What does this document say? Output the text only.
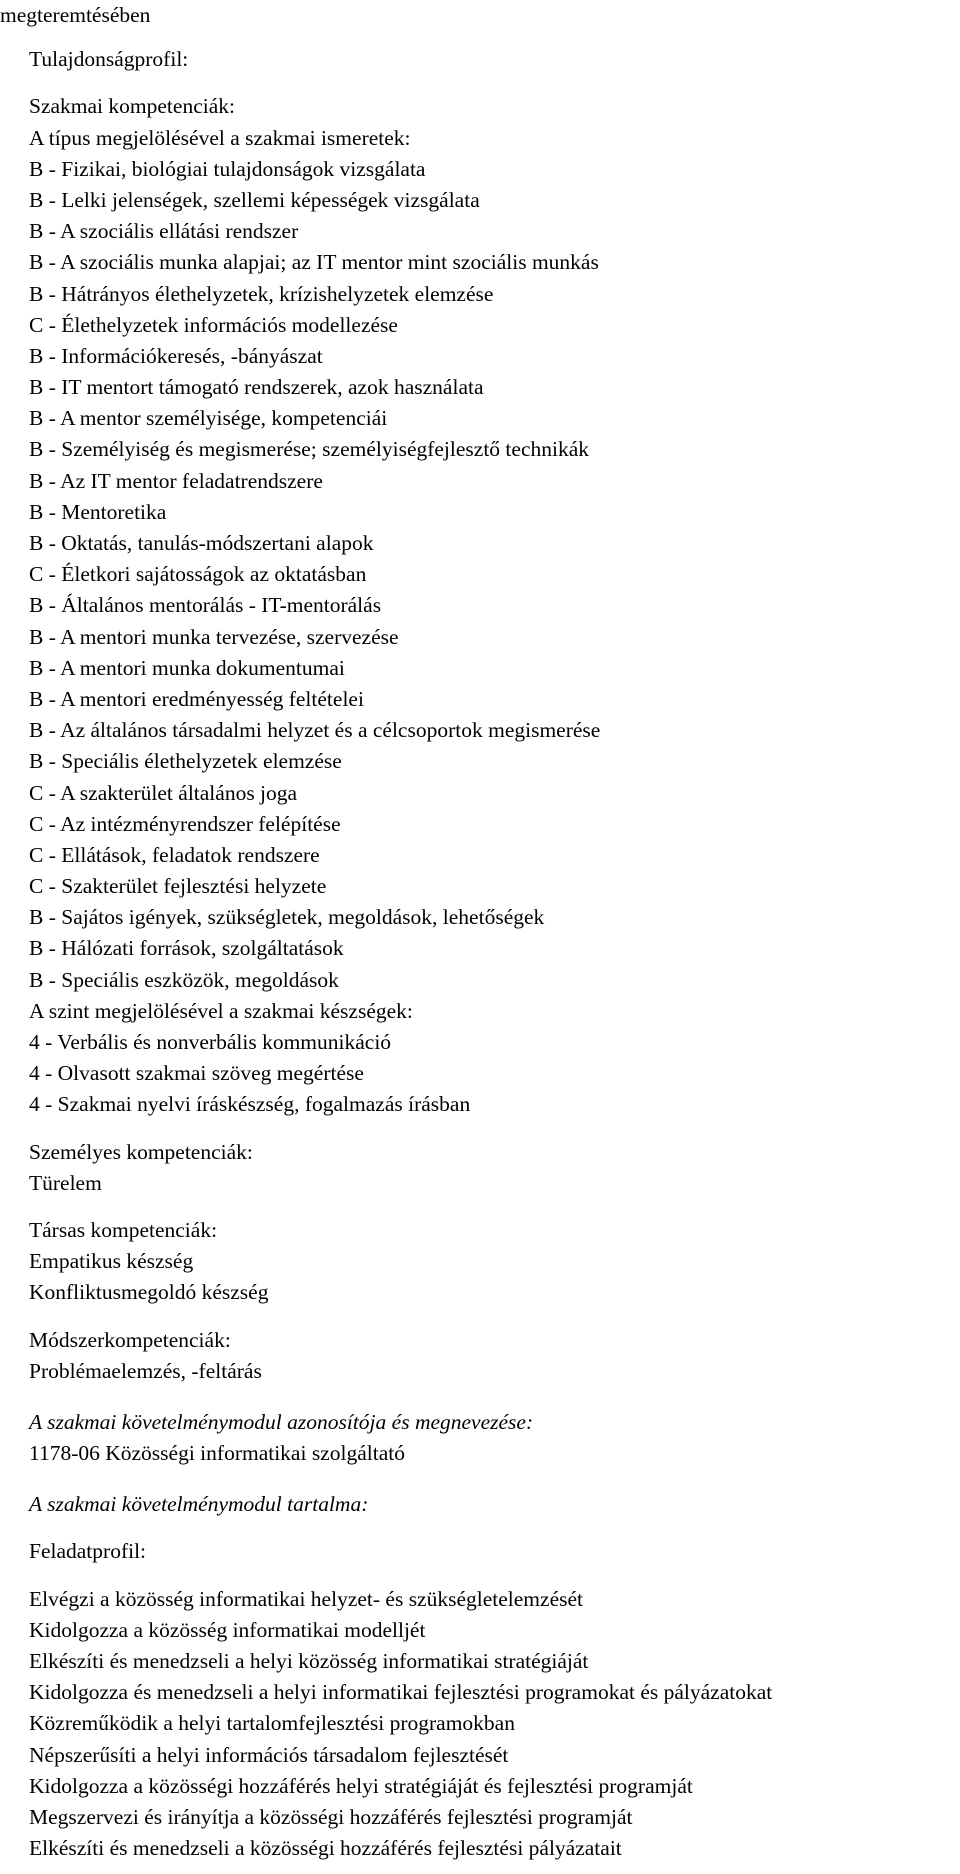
megteremtésében
Tulajdonságprofil:
Szakmai kompetenciák:
A típus megjelölésével a szakmai ismeretek:
B - Fizikai, biológiai tulajdonságok vizsgálata
B - Lelki jelenségek, szellemi képességek vizsgálata
B - A szociális ellátási rendszer
B - A szociális munka alapjai; az IT mentor mint szociális munkás
B - Hátrányos élethelyzetek, krízishelyzetek elemzése
C - Élethelyzetek információs modellezése
B - Információkeresés, -bányászat
B - IT mentort támogató rendszerek, azok használata
B - A mentor személyisége, kompetenciái
B - Személyiség és megismerése; személyiségfejlesztő technikák
B - Az IT mentor feladatrendszere
B - Mentoretika
B - Oktatás, tanulás-módszertani alapok
C - Életkori sajátosságok az oktatásban
B - Általános mentorálás - IT-mentorálás
B - A mentori munka tervezése, szervezése
B - A mentori munka dokumentumai
B - A mentori eredményesség feltételei
B - Az általános társadalmi helyzet és a célcsoportok megismerése
B - Speciális élethelyzetek elemzése
C - A szakterület általános joga
C - Az intézményrendszer felépítése
C - Ellátások, feladatok rendszere
C - Szakterület fejlesztési helyzete
B - Sajátos igények, szükségletek, megoldások, lehetőségek
B - Hálózati források, szolgáltatások
B - Speciális eszközök, megoldások
A szint megjelölésével a szakmai készségek:
4 - Verbális és nonverbális kommunikáció
4 - Olvasott szakmai szöveg megértése
4 - Szakmai nyelvi íráskészség, fogalmazás írásban
Személyes kompetenciák:
Türelem
Társas kompetenciák:
Empatikus készség
Konfliktusmegoldó készség
Módszerkompetenciák:
Problémaelemzés, -feltárás
A szakmai követelménymodul azonosítója és megnevezése:
1178-06 Közösségi informatikai szolgáltató
A szakmai követelménymodul tartalma:
Feladatprofil:
Elvégzi a közösség informatikai helyzet- és szükségletelemzését
Kidolgozza a közösség informatikai modelljét
Elkészíti és menedzseli a helyi közösség informatikai stratégiáját
Kidolgozza és menedzseli a helyi informatikai fejlesztési programokat és pályázatokat
Közreműködik a helyi tartalomfejlesztési programokban
Népszerűsíti a helyi információs társadalom fejlesztését
Kidolgozza a közösségi hozzáférés helyi stratégiáját és fejlesztési programját
Megszervezi és irányítja a közösségi hozzáférés fejlesztési programját
Elkészíti és menedzseli a közösségi hozzáférés fejlesztési pályázatait
